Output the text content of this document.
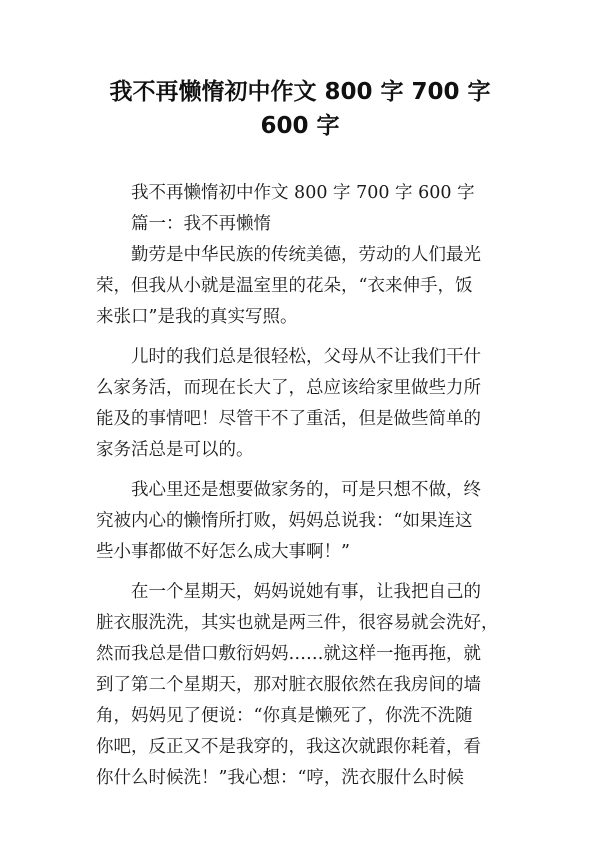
我不再懒惰初中作文 800 字 700 字
600 字
我不再懒惰初中作文 800 字 700 字 600 字
篇一：我不再懒惰
勤劳是中华民族的传统美德，劳动的人们最光
荣，但我从小就是温室里的花朵，“衣来伸手，饭
来张口”是我的真实写照。
儿时的我们总是很轻松，父母从不让我们干什
么家务活，而现在长大了，总应该给家里做些力所
能及的事情吧！尽管干不了重活，但是做些简单的
家务活总是可以的。
我心里还是想要做家务的，可是只想不做，终
究被内心的懒惰所打败，妈妈总说我：“如果连这
些小事都做不好怎么成大事啊！”
在一个星期天，妈妈说她有事，让我把自己的
脏衣服洗洗，其实也就是两三件，很容易就会洗好，
然而我总是借口敷衍妈妈……就这样一拖再拖，就
到了第二个星期天，那对脏衣服依然在我房间的墙
角，妈妈见了便说：“你真是懒死了，你洗不洗随
你吧，反正又不是我穿的，我这次就跟你耗着，看
你什么时候洗！”我心想：“哼，洗衣服什么时候
